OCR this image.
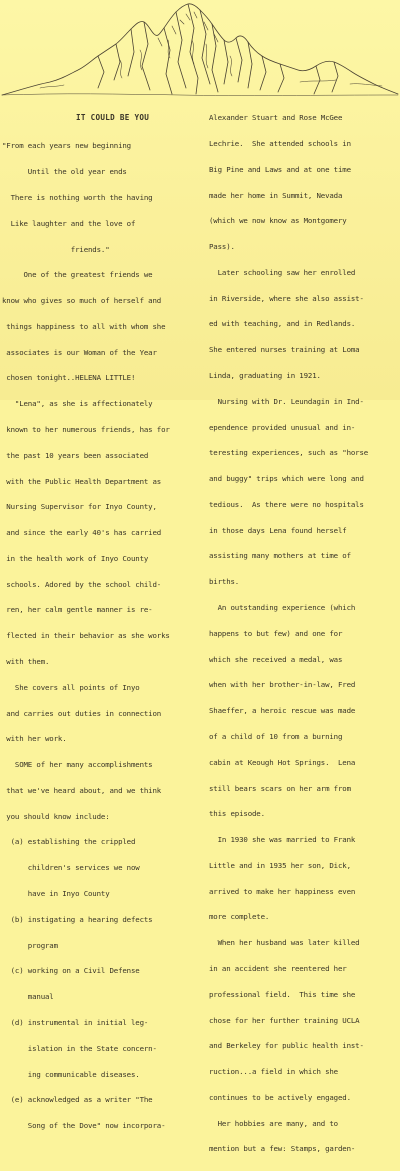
IT COULD BE YOU

"From each years new beginning

Until the old year ends

There is nothing worth the having

Like laughter and the love of

friends."

One of the greatest friends we

know who gives so much of herself and

things happiness to all with whom she

associates is our Woman of the Year

chosen tonight..HELENA LITTLE!

"Lena", as she is affectionately

known to her numerous friends, has for

the past 10 years been associated

with the Public Health Department as

Nursing Supervisor for Inyo County,

and since the early 40's has carried

in the health work of Inyo County

schools. Adored by the school child-

ren, her calm gentle manner is re-

flected in their behavior as she works

with them.

She covers all points of Inyo

and carries out duties in connection

with her work.

SOME of her many accomplishments

that we've heard about, and we think

you should know include:

(a) establishing the crippled

children's services we now

have in Inyo County

(b) instigating a hearing defects

program

(c) working on a Civil Defense

manual

(d) instrumental in initial leg-

islation in the State concern-

ing communicable diseases.

(e) acknowledged as a writer "The

Song of the Dove" now incorpora-

Alexander Stuart and Rose McGee

Lechrie.  She attended schools in

Big Pine and Laws and at one time

made her home in Summit, Nevada

(which we now know as Montgomery

Pass).

Later schooling saw her enrolled

in Riverside, where she also assist-

ed with teaching, and in Redlands.

She entered nurses training at Loma

Linda, graduating in 1921.

Nursing with Dr. Leundagin in Ind-

ependence provided unusual and in-

teresting experiences, such as "horse

and buggy" trips which were long and

tedious.  As there were no hospitals

in those days Lena found herself

assisting many mothers at time of

births.

An outstanding experience (which

happens to but few) and one for

which she received a medal, was

when with her brother-in-law, Fred

Shaeffer, a heroic rescue was made

of a child of 10 from a burning

cabin at Keough Hot Springs.  Lena

still bears scars on her arm from

this episode.

In 1930 she was married to Frank

Little and in 1935 her son, Dick,

arrived to make her happiness even

more complete.

When her husband was later killed

in an accident she reentered her

professional field.  This time she

chose for her further training UCLA

and Berkeley for public health inst-

ruction...a field in which she

continues to be actively engaged.

Her hobbies are many, and to

mention but a few: Stamps, garden-
